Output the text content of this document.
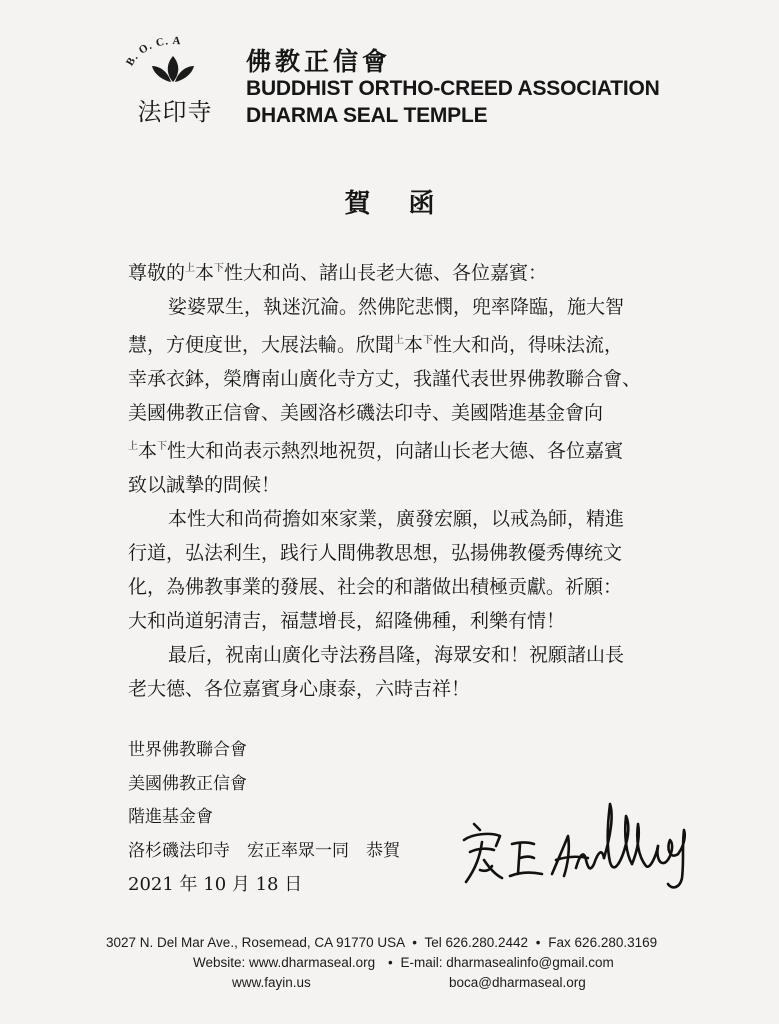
B. O. C. A
法印寺
佛教正信會
BUDDHIST ORTHO-CREED ASSOCIATION
DHARMA SEAL TEMPLE
賀函

尊敬的$^上$本$_下$性大和尚、諸山長老大德、各位嘉賓：

娑婆眾生，執迷沉淪。然佛陀悲憫，兜率降臨，施大智

慧，方便度世，大展法輪。欣聞$^上$本$_下$性大和尚，得味法流，

幸承衣鉢，榮膺南山廣化寺方丈，我謹代表世界佛教聯合會、

美國佛教正信會、美國洛杉磯法印寺、美國階進基金會向

$^上$本$_下$性大和尚表示熱烈地祝贺，向諸山长老大德、各位嘉賓

致以誠摯的問候！

本性大和尚荷擔如來家業，廣發宏願，以戒為師，精進

行道，弘法利生，践行人間佛教思想，弘揚佛教優秀傳统文

化，為佛教事業的發展、社会的和諧做出積極贡獻。祈願：

大和尚道躬清吉，福慧增長，紹隆佛種，利樂有情！

最后，祝南山廣化寺法務昌隆，海眾安和！祝願諸山長

老大德、各位嘉賓身心康泰，六時吉祥！

世界佛教聯合會
美國佛教正信會
階進基金會
洛杉磯法印寺　宏正率眾一同　恭賀
2021 年 10 月 18 日
3027 N. Del Mar Ave., Rosemead, CA 91770 USA • Tel 626.280.2442 • Fax 626.280.3169
Website: www.dharmaseal.org • E-mail: dharmasealinfo@gmail.com
www.fayin.us	boca@dharmaseal.org
